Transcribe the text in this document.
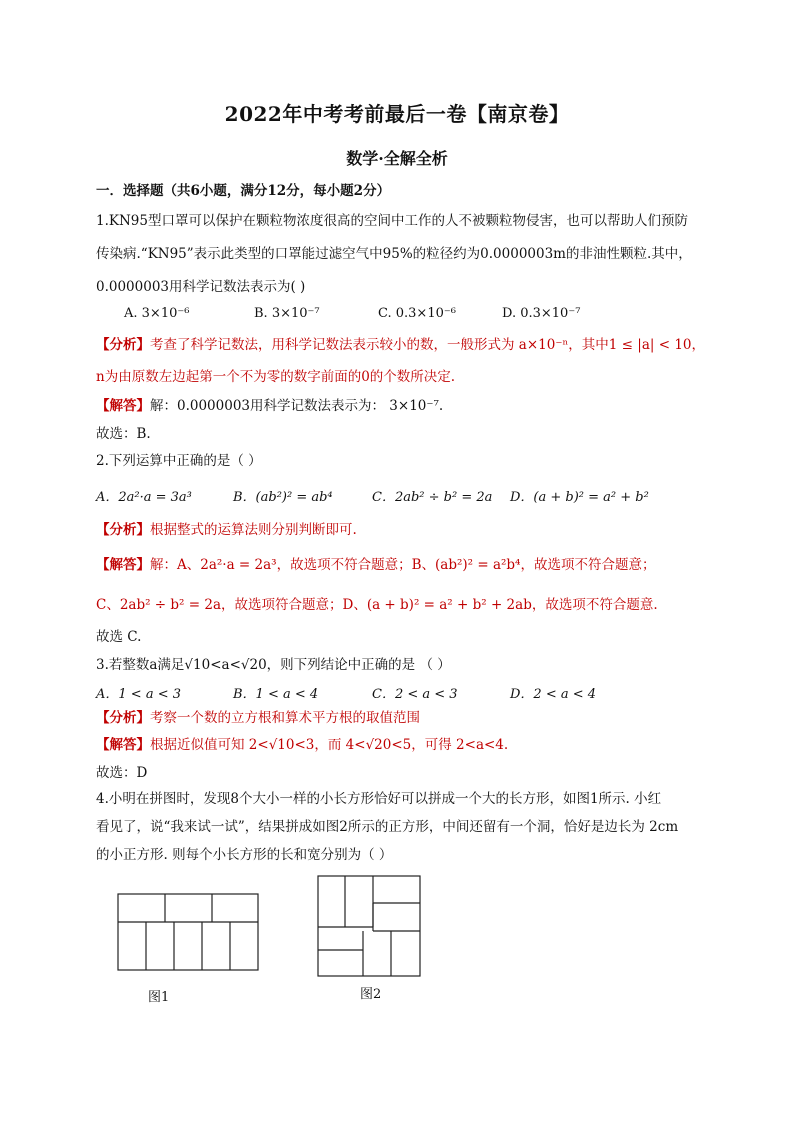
2022年中考考前最后一卷【南京卷】
数学·全解全析
一．选择题（共6小题，满分12分，每小题2分）
1.KN95型口罩可以保护在颗粒物浓度很高的空间中工作的人不被颗粒物侵害，也可以帮助人们预防
传染病.“KN95”表示此类型的口罩能过滤空气中95%的粒径约为0.0000003m的非油性颗粒.其中，
0.0000003用科学记数法表示为( )
A. 3×10⁻⁶	B. 3×10⁻⁷	C. 0.3×10⁻⁶	D. 0.3×10⁻⁷
【分析】考查了科学记数法，用科学记数法表示较小的数，一般形式为 a×10⁻ⁿ，其中1 ≤ |a| < 10，
n为由原数左边起第一个不为零的数字前面的0的个数所决定.
【解答】解：0.0000003用科学记数法表示为： 3×10⁻⁷.
故选：B.
2.下列运算中正确的是（ ）
A．2a²·a = 3a³	B．(ab²)² = ab⁴	C．2ab² ÷ b² = 2a D．(a + b)² = a² + b²
【分析】根据整式的运算法则分别判断即可.
【解答】解：A、2a²·a = 2a³，故选项不符合题意；B、(ab²)² = a²b⁴，故选项不符合题意；
C、2ab² ÷ b² = 2a，故选项符合题意；D、(a + b)² = a² + b² + 2ab，故选项不符合题意.
故选 C.
3.若整数a满足√10<a<√20，则下列结论中正确的是 （ ）
A．1 < a < 3	B．1 < a < 4	C．2 < a < 3	D．2 < a < 4
【分析】考察一个数的立方根和算术平方根的取值范围
【解答】根据近似值可知 2<√10<3，而 4<√20<5，可得 2<a<4.
故选：D
4.小明在拼图时，发现8个大小一样的小长方形恰好可以拼成一个大的长方形，如图1所示. 小红
看见了，说“我来试一试”，结果拼成如图2所示的正方形，中间还留有一个洞，恰好是边长为 2cm
的小正方形. 则每个小长方形的长和宽分别为（ ）
图1	图2
